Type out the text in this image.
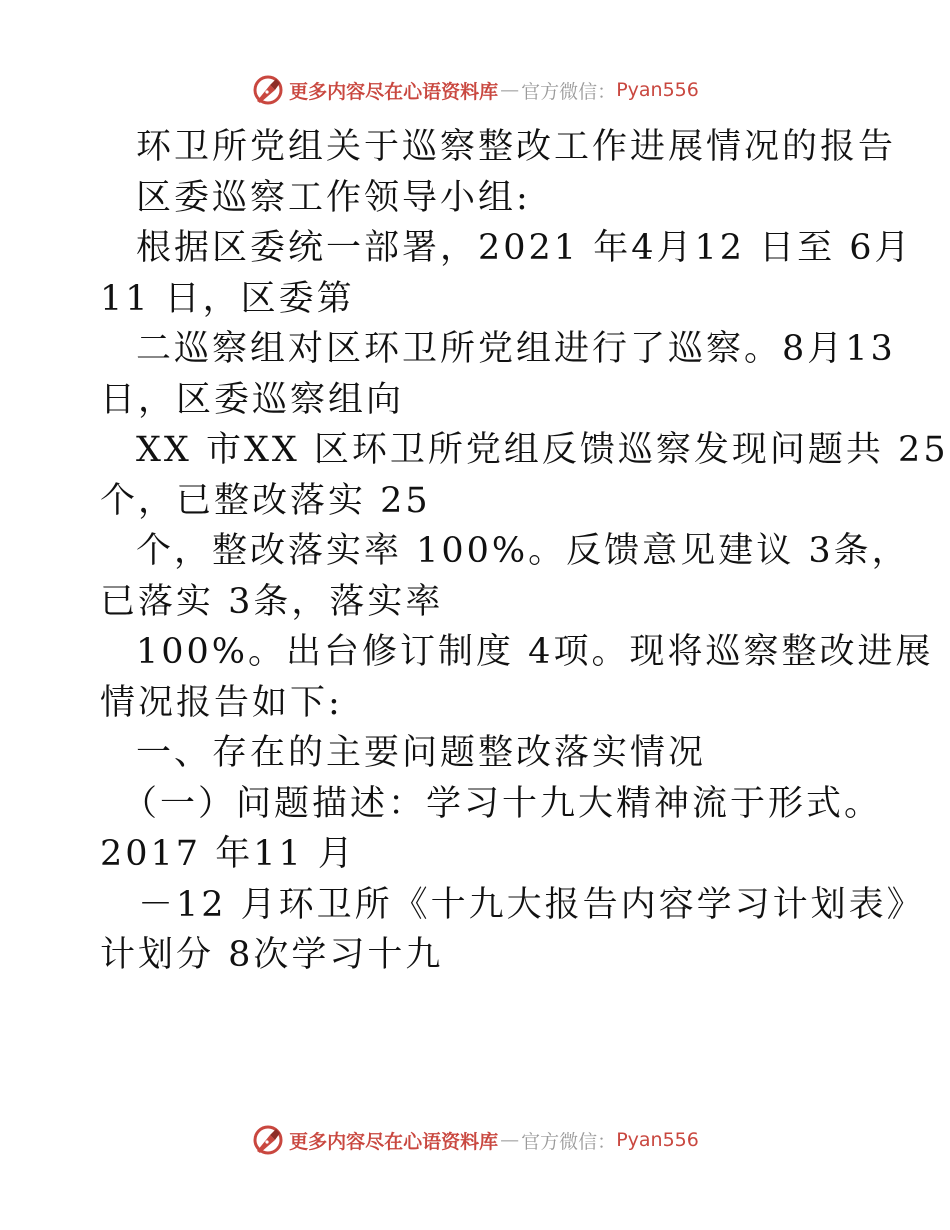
更多内容尽在心语资料库 — 官方微信： Pyan556
环卫所党组关于巡察整改工作进展情况的报告
区委巡察工作领导小组:
根据区委统一部署，2021 年4月12 日至 6月
11 日，区委第
二巡察组对区环卫所党组进行了巡察。8月13
日，区委巡察组向
XX 市XX 区环卫所党组反馈巡察发现问题共 25
个，已整改落实 25
个，整改落实率 100%。反馈意见建议 3条，
已落实 3条，落实率
100%。出台修订制度 4项。现将巡察整改进展
情况报告如下:
一、存在的主要问题整改落实情况
（一）问题描述：学习十九大精神流于形式。
2017 年11 月
－12 月环卫所《十九大报告内容学习计划表》
计划分 8次学习十九
更多内容尽在心语资料库 — 官方微信： Pyan556
